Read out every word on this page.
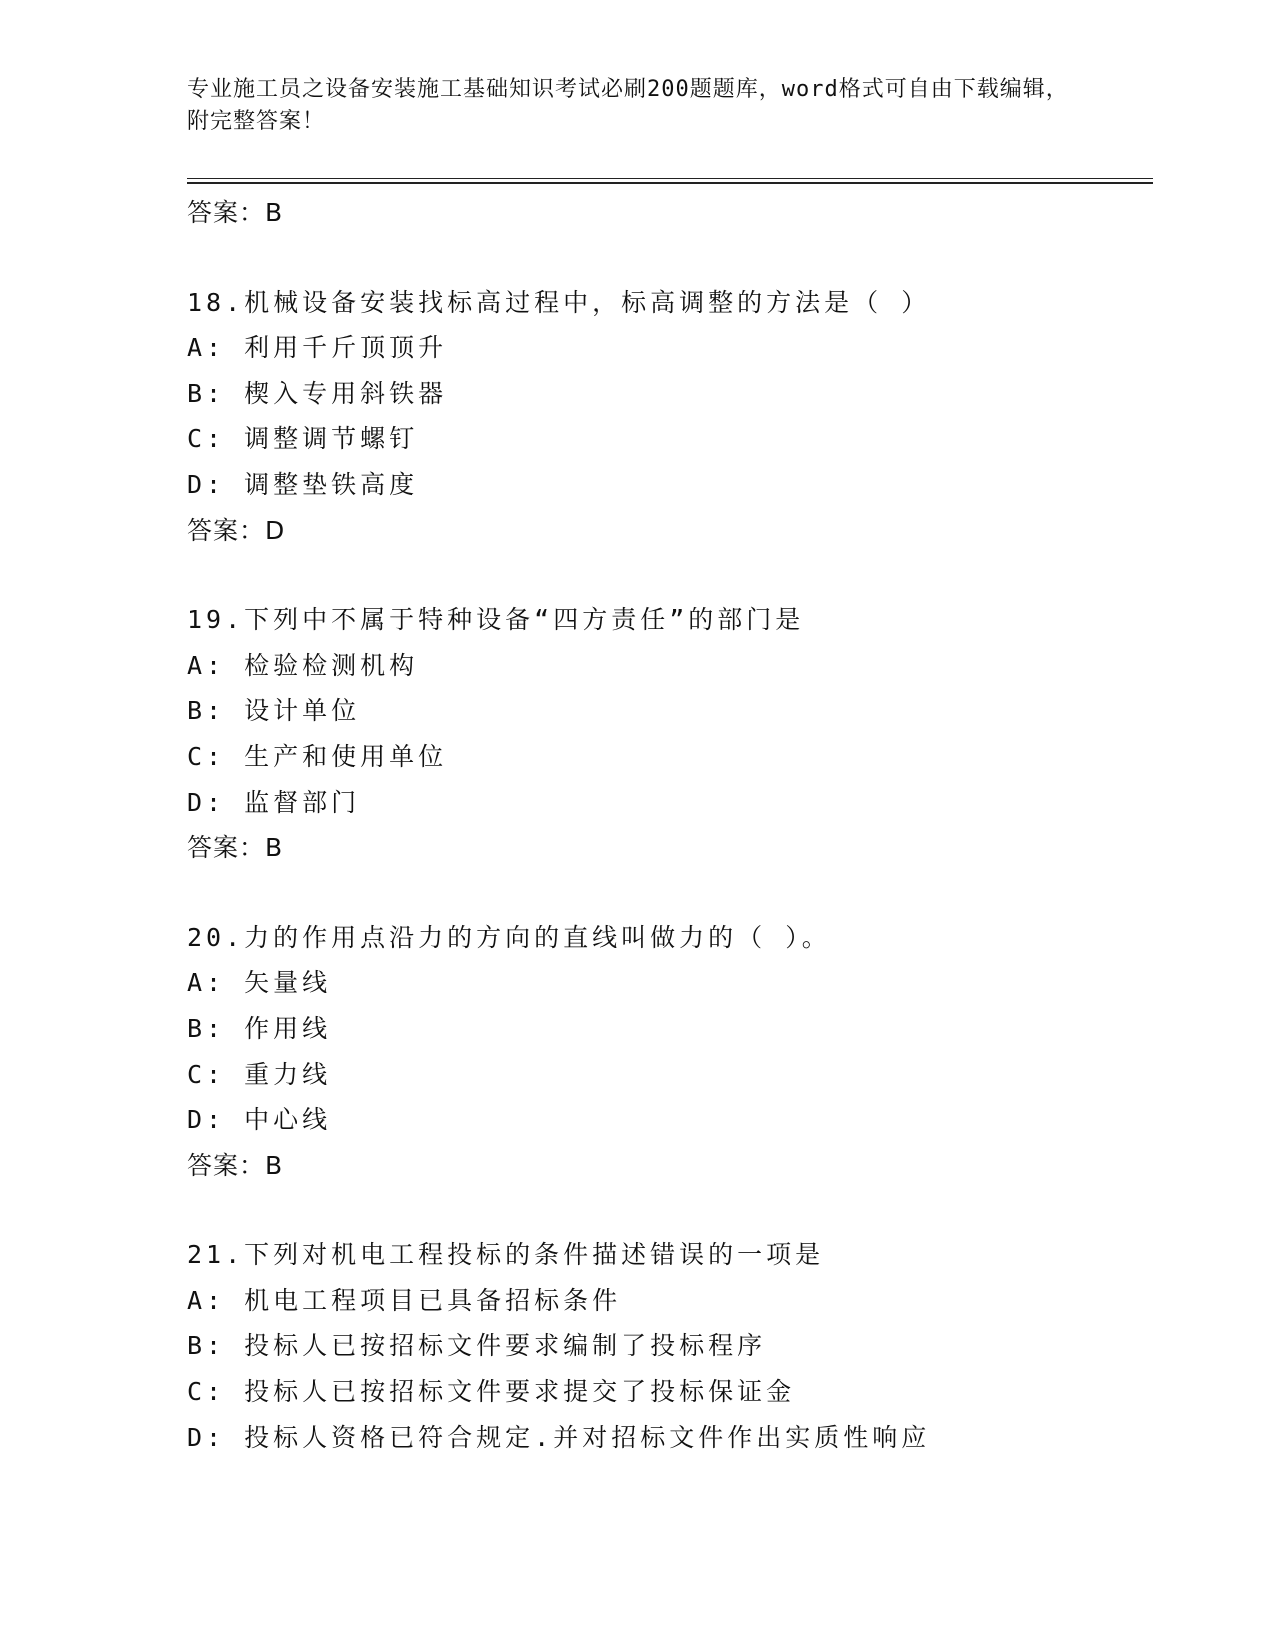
专业施工员之设备安装施工基础知识考试必刷200题题库，word格式可自由下载编辑，附完整答案！
答案：B
18.机械设备安装找标高过程中，标高调整的方法是（ ）
A: 利用千斤顶顶升
B: 楔入专用斜铁器
C: 调整调节螺钉
D: 调整垫铁高度
答案：D
19.下列中不属于特种设备“四方责任”的部门是
A: 检验检测机构
B: 设计单位
C: 生产和使用单位
D: 监督部门
答案：B
20.力的作用点沿力的方向的直线叫做力的（ ）。
A: 矢量线
B: 作用线
C: 重力线
D: 中心线
答案：B
21.下列对机电工程投标的条件描述错误的一项是
A: 机电工程项目已具备招标条件
B: 投标人已按招标文件要求编制了投标程序
C: 投标人已按招标文件要求提交了投标保证金
D: 投标人资格已符合规定.并对招标文件作出实质性响应
